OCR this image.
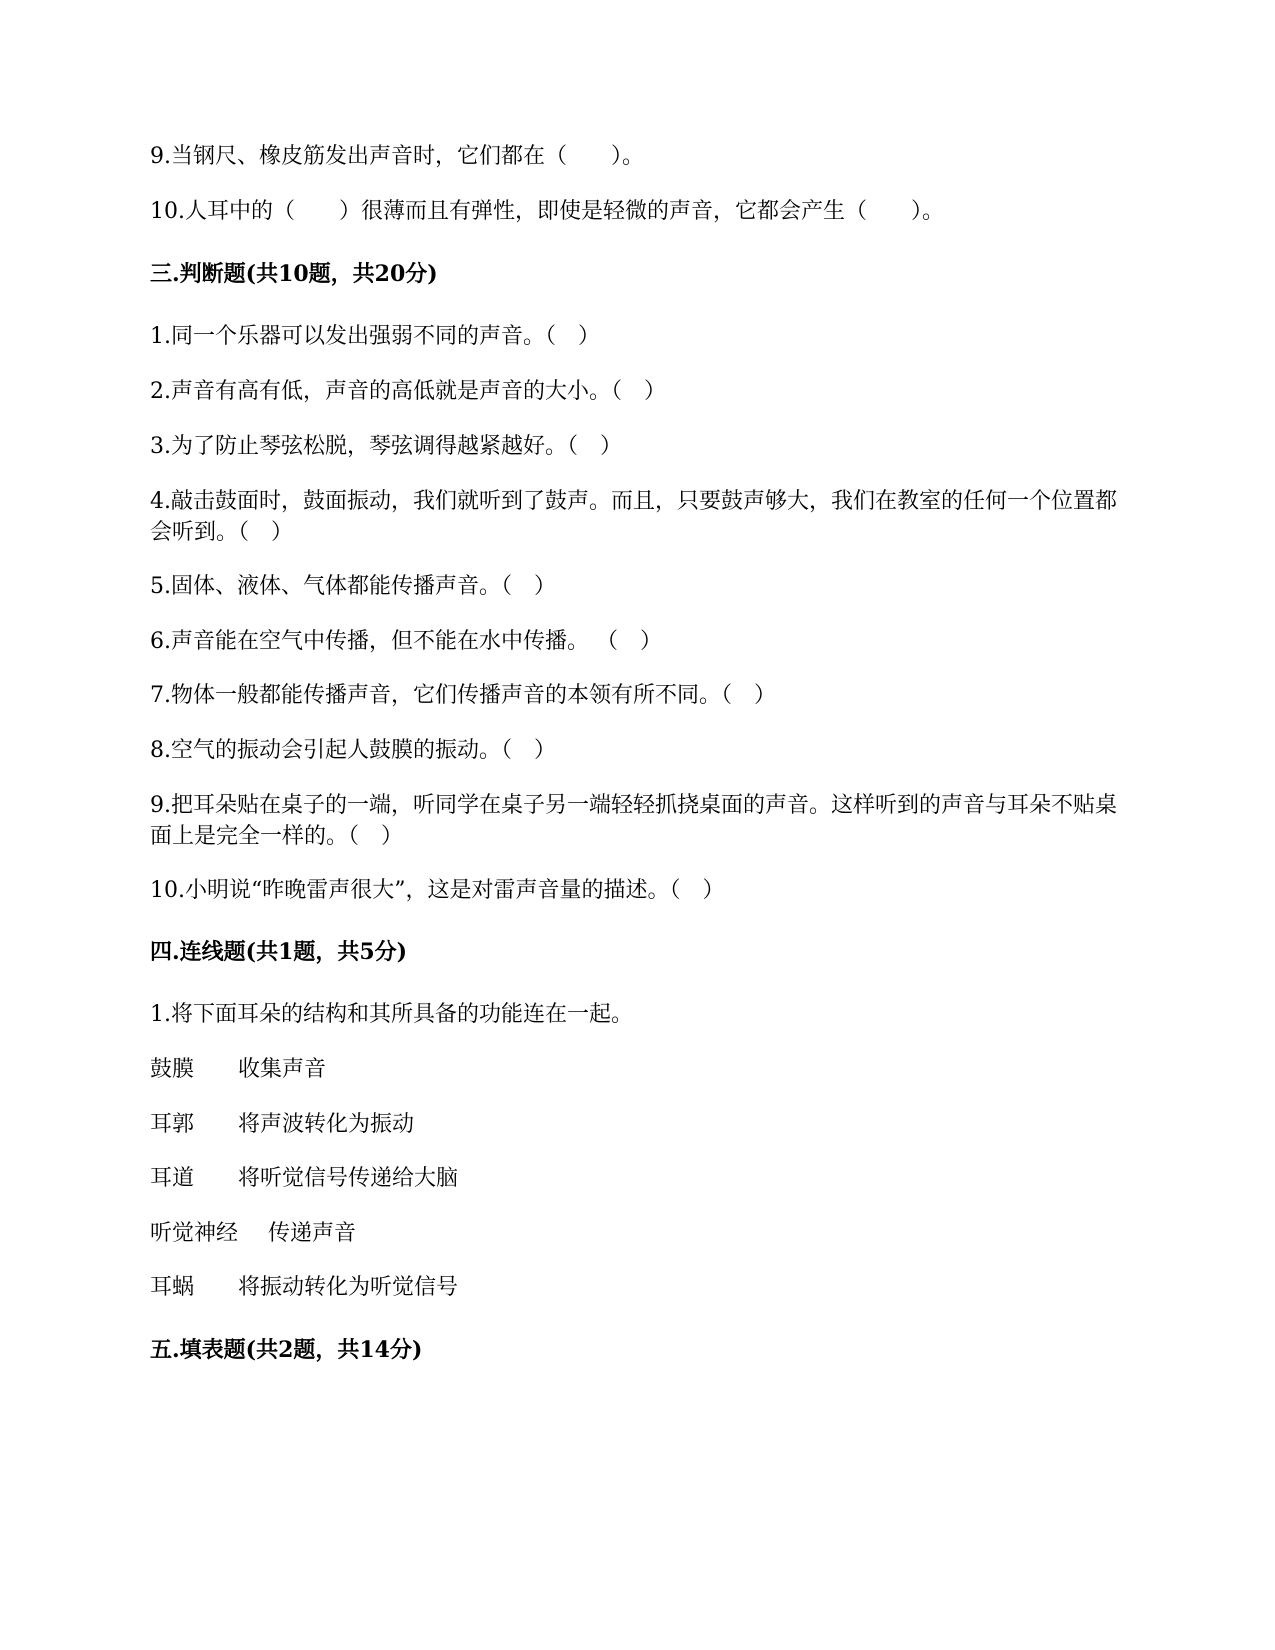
9.当钢尺、橡皮筋发出声音时，它们都在（　　）。
10.人耳中的（　　）很薄而且有弹性，即使是轻微的声音，它都会产生（　　）。
三.判断题(共10题，共20分)
1.同一个乐器可以发出强弱不同的声音。（　）
2.声音有高有低，声音的高低就是声音的大小。（　）
3.为了防止琴弦松脱，琴弦调得越紧越好。（　）
4.敲击鼓面时，鼓面振动，我们就听到了鼓声。而且，只要鼓声够大，我们在教室的任何一个位置都会听到。（　）
5.固体、液体、气体都能传播声音。（　）
6.声音能在空气中传播，但不能在水中传播。 （　）
7.物体一般都能传播声音，它们传播声音的本领有所不同。（　）
8.空气的振动会引起人鼓膜的振动。（　）
9.把耳朵贴在桌子的一端，听同学在桌子另一端轻轻抓挠桌面的声音。这样听到的声音与耳朵不贴桌面上是完全一样的。（　）
10.小明说“昨晚雷声很大”，这是对雷声音量的描述。（　）
四.连线题(共1题，共5分)
1.将下面耳朵的结构和其所具备的功能连在一起。
鼓膜 收集声音
耳郭 将声波转化为振动
耳道 将听觉信号传递给大脑
听觉神经 传递声音
耳蜗 将振动转化为听觉信号
五.填表题(共2题，共14分)
